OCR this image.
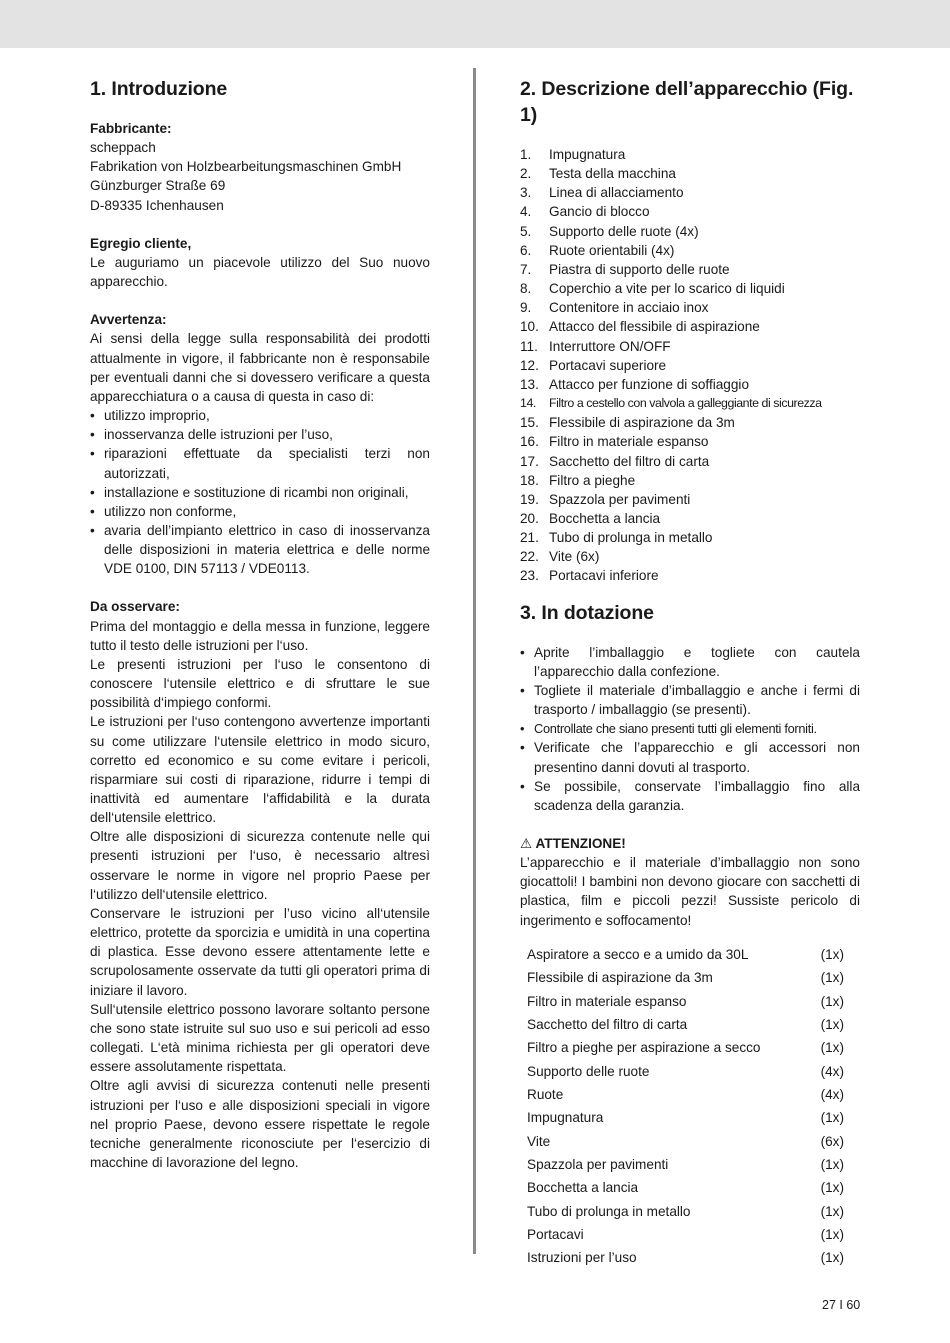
1. Introduzione
Fabbricante:
scheppach
Fabrikation von Holzbearbeitungsmaschinen GmbH
Günzburger Straße 69
D-89335 Ichenhausen
Egregio cliente,

Le auguriamo un piacevole utilizzo del Suo nuovo apparecchio.

Avvertenza:

Ai sensi della legge sulla responsabilità dei prodotti attualmente in vigore, il fabbricante non è responsabile per eventuali danni che si dovessero verificare a questa apparecchiatura o a causa di questa in caso di:

• utilizzo improprio,
• inosservanza delle istruzioni per l’uso,
• riparazioni effettuate da specialisti terzi non autorizzati,
• installazione e sostituzione di ricambi non originali,
• utilizzo non conforme,
• avaria dell’impianto elettrico in caso di inosservanza delle disposizioni in materia elettrica e delle norme VDE 0100, DIN 57113 / VDE0113.
Da osservare:

Prima del montaggio e della messa in funzione, leggere tutto il testo delle istruzioni per l‘uso.

Le presenti istruzioni per l‘uso le consentono di conoscere l‘utensile elettrico e di sfruttare le sue possibilità d‘impiego conformi.

Le istruzioni per l‘uso contengono avvertenze importanti su come utilizzare l‘utensile elettrico in modo sicuro, corretto ed economico e su come evitare i pericoli, risparmiare sui costi di riparazione, ridurre i tempi di inattività ed aumentare l‘affidabilità e la durata dell‘utensile elettrico.

Oltre alle disposizioni di sicurezza contenute nelle qui presenti istruzioni per l‘uso, è necessario altresì osservare le norme in vigore nel proprio Paese per l‘utilizzo dell‘utensile elettrico.

Conservare le istruzioni per l’uso vicino all‘utensile elettrico, protette da sporcizia e umidità in una copertina di plastica. Esse devono essere attentamente lette e scrupolosamente osservate da tutti gli operatori prima di iniziare il lavoro.

Sull‘utensile elettrico possono lavorare soltanto persone che sono state istruite sul suo uso e sui pericoli ad esso collegati. L‘età minima richiesta per gli operatori deve essere assolutamente rispettata.

Oltre agli avvisi di sicurezza contenuti nelle presenti istruzioni per l‘uso e alle disposizioni speciali in vigore nel proprio Paese, devono essere rispettate le regole tecniche generalmente riconosciute per l‘esercizio di macchine di lavorazione del legno.

2. Descrizione dell’apparecchio (Fig. 1)
1.	Impugnatura
2.	Testa della macchina
3.	Linea di allacciamento
4.	Gancio di blocco
5.	Supporto delle ruote (4x)
6.	Ruote orientabili (4x)
7.	Piastra di supporto delle ruote
8.	Coperchio a vite per lo scarico di liquidi
9.	Contenitore in acciaio inox
10. Attacco del flessibile di aspirazione
11. Interruttore ON/OFF
12. Portacavi superiore
13. Attacco per funzione di soffiaggio
14.	Filtro a cestello con valvola a galleggiante di sicurezza
15. Flessibile di aspirazione da 3m
16. Filtro in materiale espanso
17. Sacchetto del filtro di carta
18. Filtro a pieghe
19. Spazzola per pavimenti
20. Bocchetta a lancia
21. Tubo di prolunga in metallo
22. Vite (6x)
23. Portacavi inferiore
3. In dotazione
• Aprite l’imballaggio e togliete con cautela l’apparecchio dalla confezione.
• Togliete il materiale d’imballaggio e anche i fermi di trasporto / imballaggio (se presenti).
• Controllate che siano presenti tutti gli elementi forniti.
• Verificate che l’apparecchio e gli accessori non presentino danni dovuti al trasporto.
• Se possibile, conservate l’imballaggio fino alla scadenza della garanzia.
⚠ ATTENZIONE!

L’apparecchio e il materiale d’imballaggio non sono giocattoli! I bambini non devono giocare con sacchetti di plastica, film e piccoli pezzi! Sussiste pericolo di ingerimento e soffocamento!

Aspiratore a secco e a umido da 30L	(1x)
Flessibile di aspirazione da 3m	(1x)
Filtro in materiale espanso	(1x)
Sacchetto del filtro di carta	(1x)
Filtro a pieghe per aspirazione a secco	(1x)
Supporto delle ruote	(4x)
Ruote	(4x)
Impugnatura	(1x)
Vite	(6x)
Spazzola per pavimenti	(1x)
Bocchetta a lancia	(1x)
Tubo di prolunga in metallo	(1x)
Portacavi	(1x)
Istruzioni per l’uso	(1x)
27 I 60
